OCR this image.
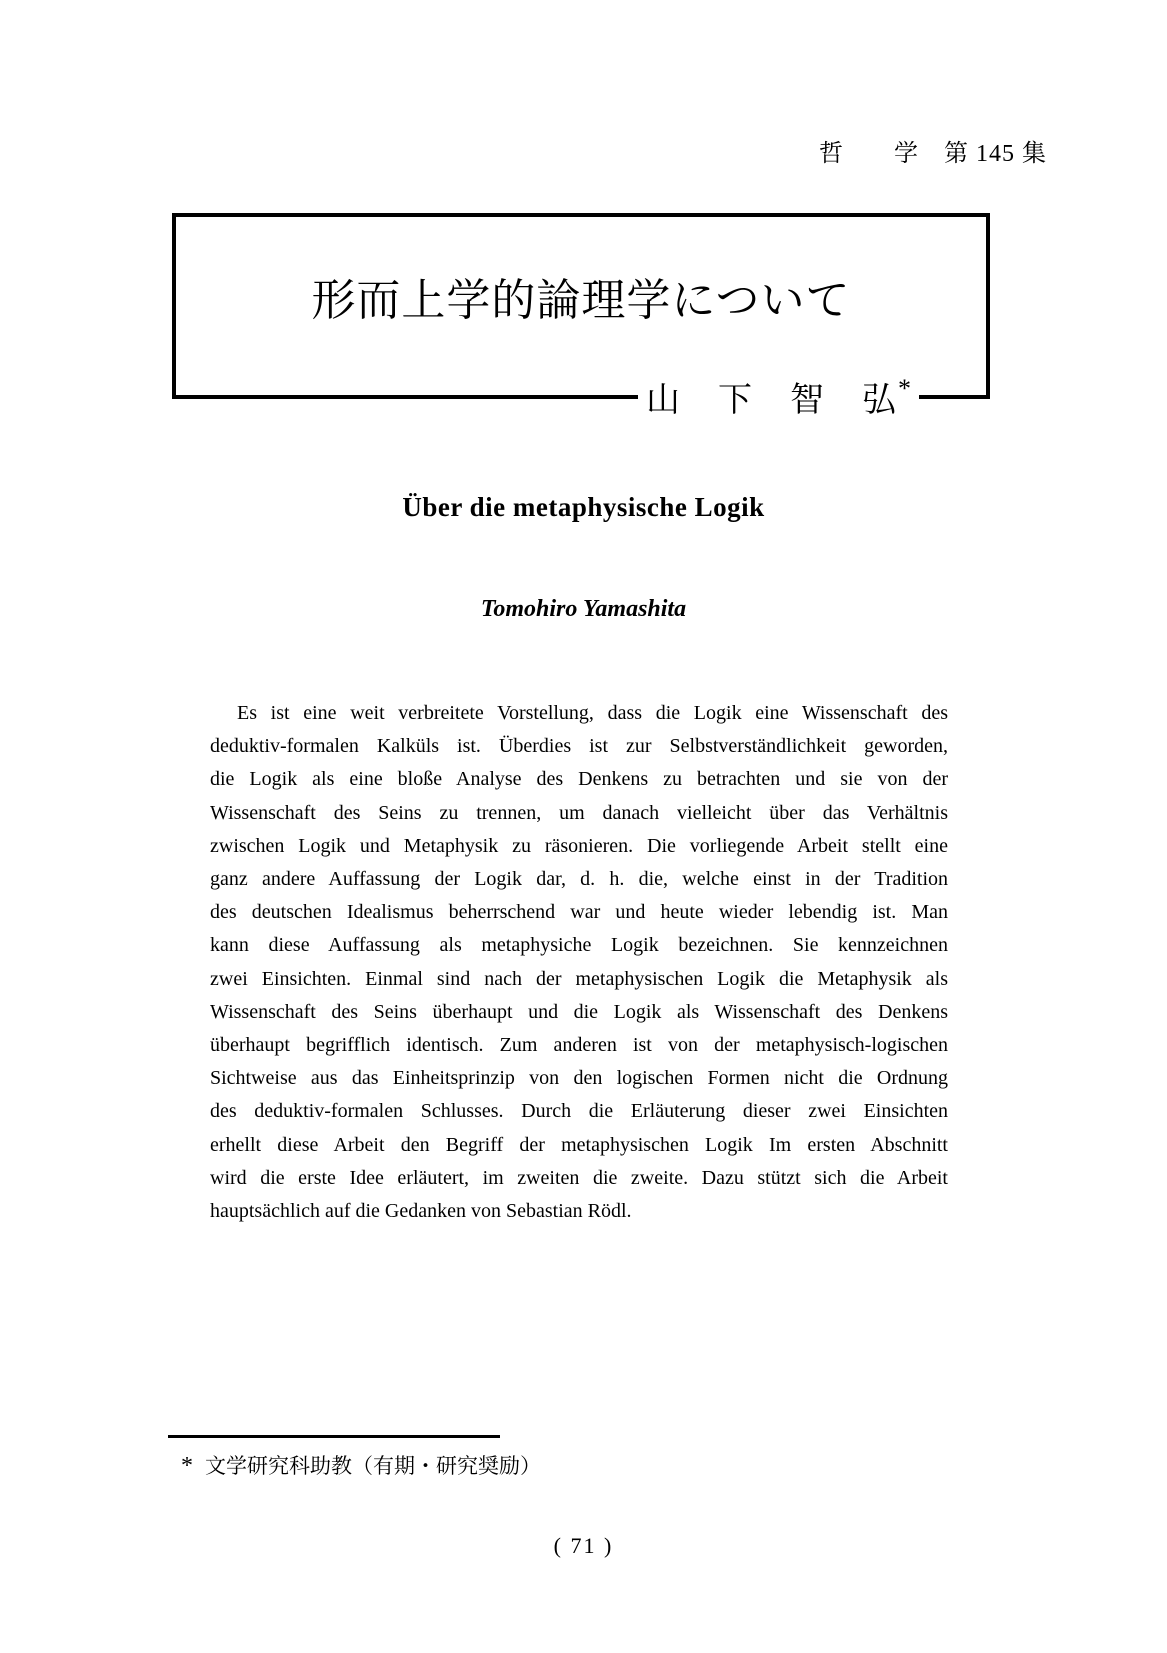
哲　　学　第 145 集
形而上学的論理学について
山　下　智　弘*
Über die metaphysische Logik
Tomohiro Yamashita
Es ist eine weit verbreitete Vorstellung, dass die Logik eine Wissenschaft des
deduktiv-formalen Kalküls ist. Überdies ist zur Selbstverständlichkeit geworden,
die Logik als eine bloße Analyse des Denkens zu betrachten und sie von der
Wissenschaft des Seins zu trennen, um danach vielleicht über das Verhältnis
zwischen Logik und Metaphysik zu räsonieren. Die vorliegende Arbeit stellt eine
ganz andere Auffassung der Logik dar, d. h. die, welche einst in der Tradition
des deutschen Idealismus beherrschend war und heute wieder lebendig ist. Man
kann diese Auffassung als metaphysiche Logik bezeichnen. Sie kennzeichnen
zwei Einsichten. Einmal sind nach der metaphysischen Logik die Metaphysik als
Wissenschaft des Seins überhaupt und die Logik als Wissenschaft des Denkens
überhaupt begrifflich identisch. Zum anderen ist von der metaphysisch-logischen
Sichtweise aus das Einheitsprinzip von den logischen Formen nicht die Ordnung
des deduktiv-formalen Schlusses. Durch die Erläuterung dieser zwei Einsichten
erhellt diese Arbeit den Begriff der metaphysischen Logik Im ersten Abschnitt
wird die erste Idee erläutert, im zweiten die zweite. Dazu stützt sich die Arbeit
hauptsächlich auf die Gedanken von Sebastian Rödl.
* 文学研究科助教（有期・研究奨励）
( 71 )
